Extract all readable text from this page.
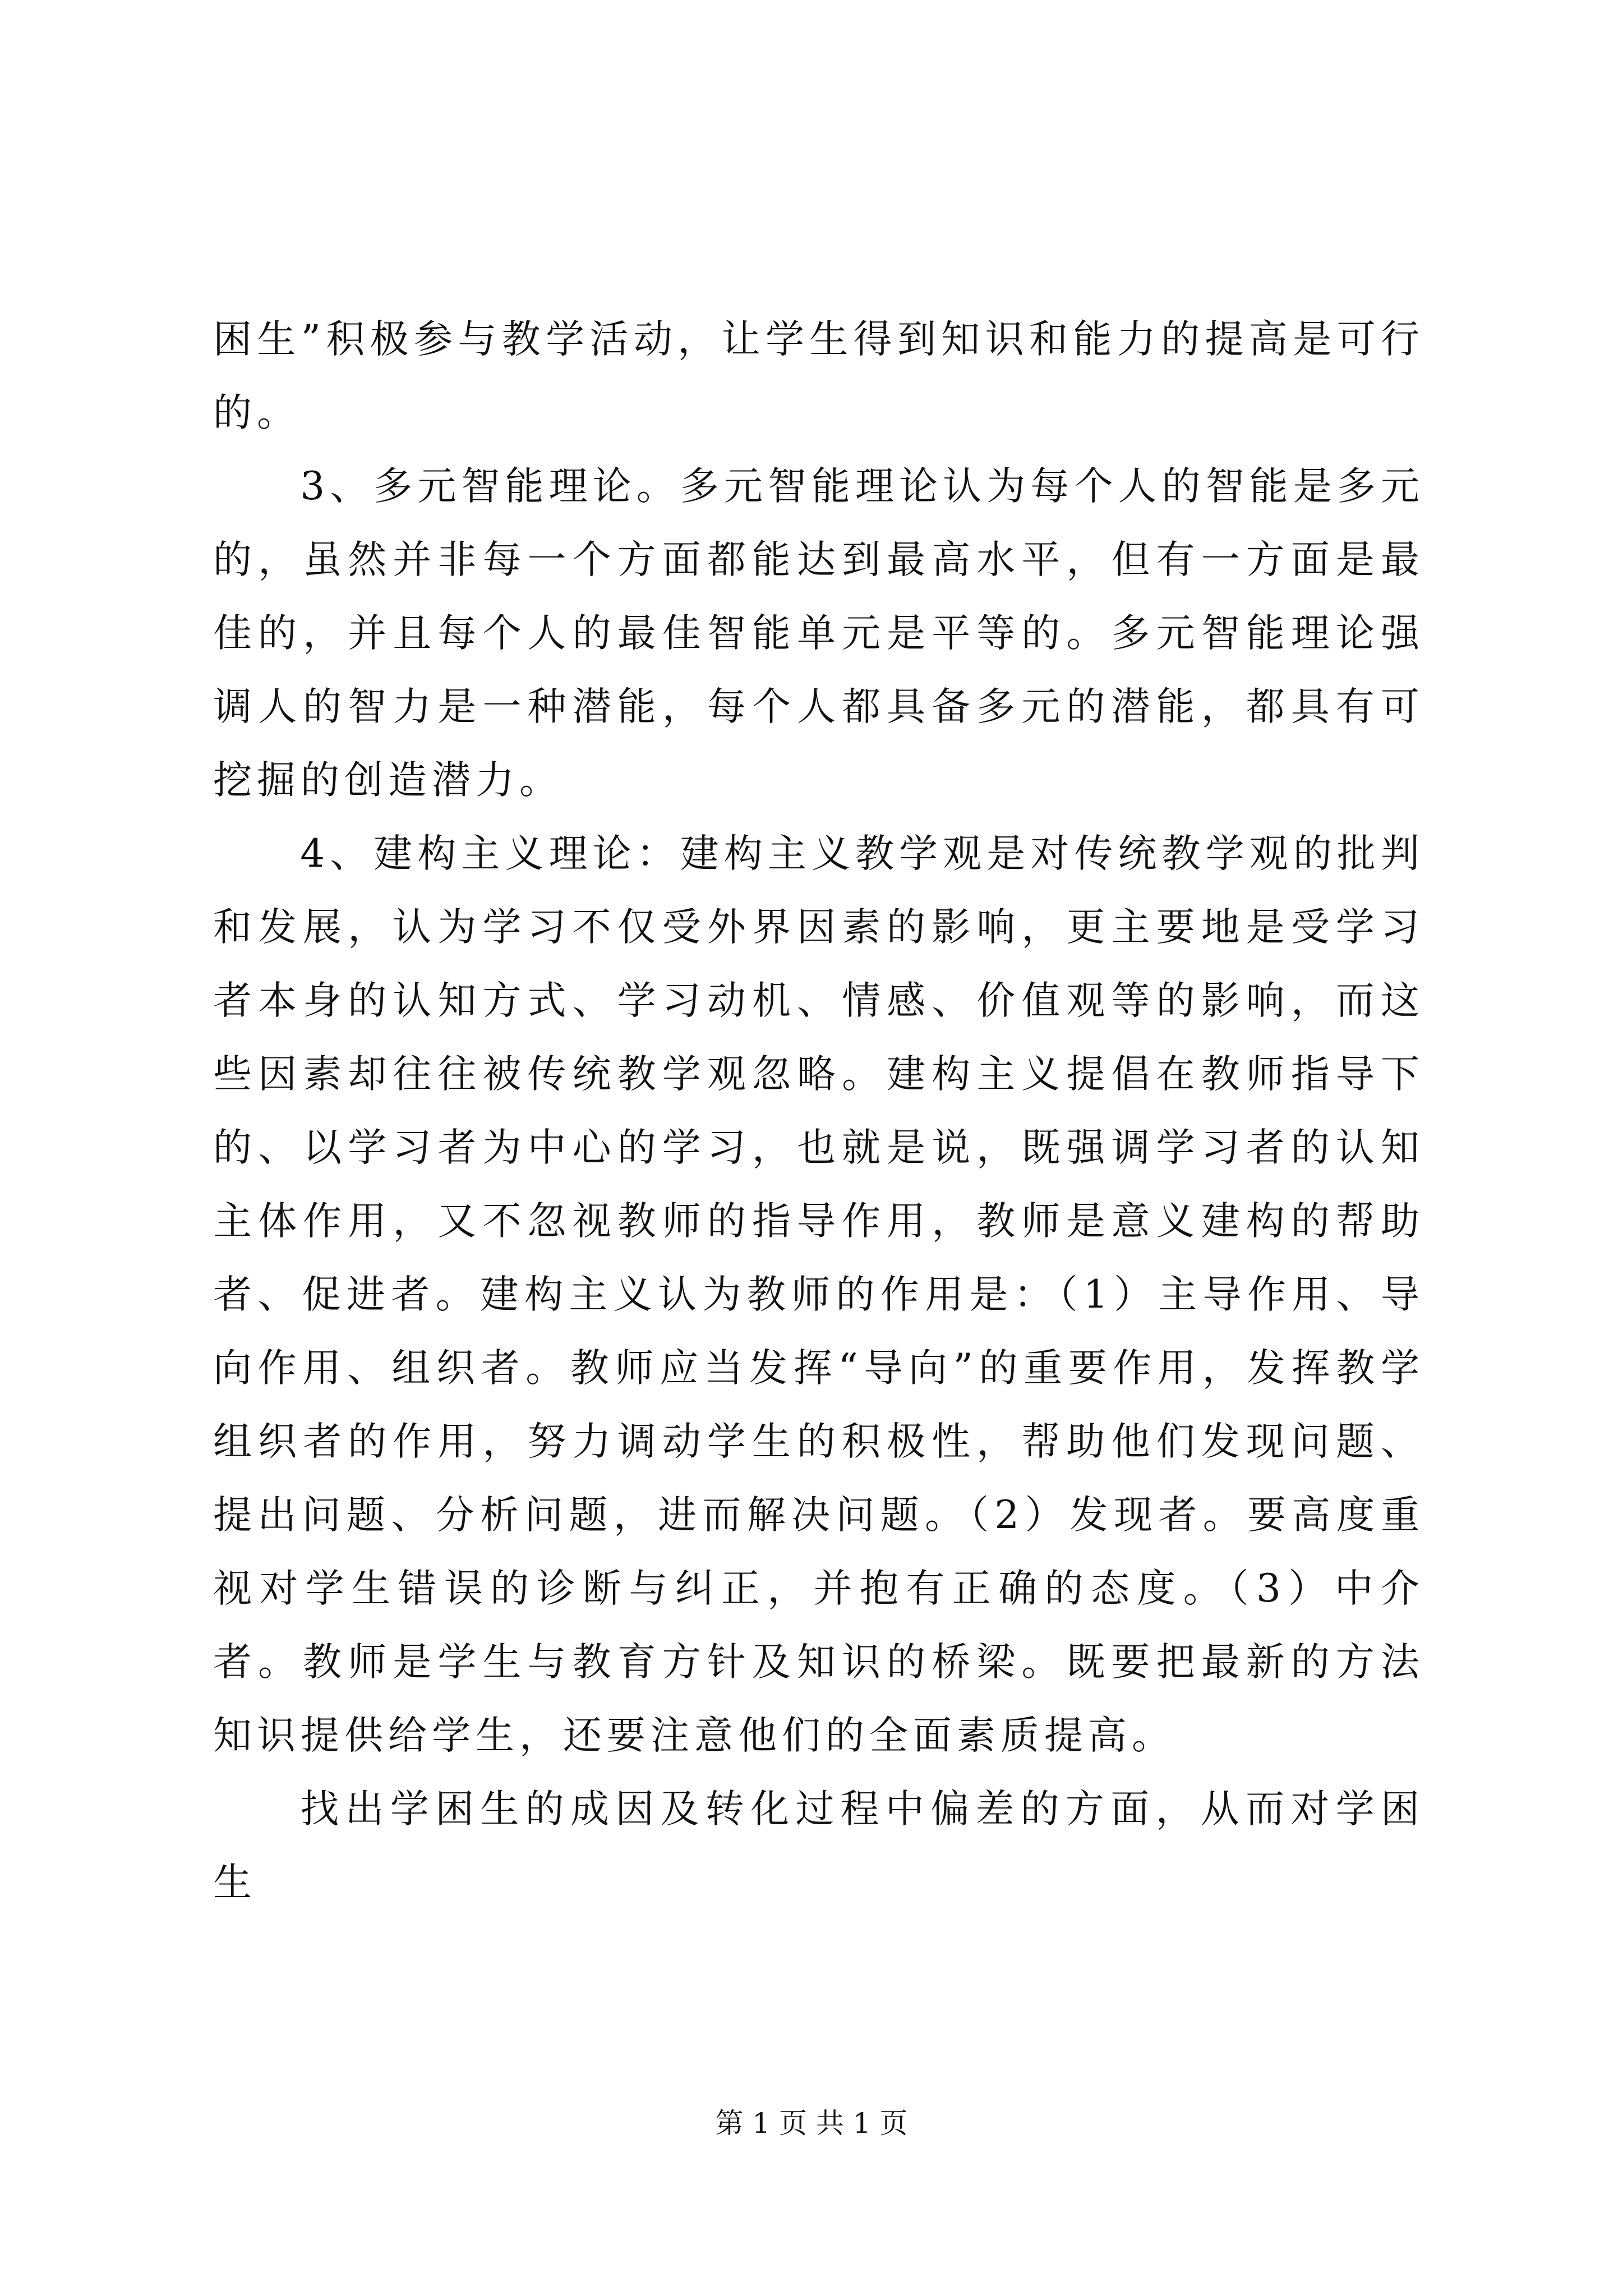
困生”积极参与教学活动，让学生得到知识和能力的提高是可行的。

3、多元智能理论。多元智能理论认为每个人的智能是多元的，虽然并非每一个方面都能达到最高水平，但有一方面是最佳的，并且每个人的最佳智能单元是平等的。多元智能理论强调人的智力是一种潜能，每个人都具备多元的潜能，都具有可挖掘的创造潜力。

4、建构主义理论：建构主义教学观是对传统教学观的批判和发展，认为学习不仅受外界因素的影响，更主要地是受学习者本身的认知方式、学习动机、情感、价值观等的影响，而这些因素却往往被传统教学观忽略。建构主义提倡在教师指导下的、以学习者为中心的学习，也就是说，既强调学习者的认知主体作用，又不忽视教师的指导作用，教师是意义建构的帮助者、促进者。建构主义认为教师的作用是：（1）主导作用、导向作用、组织者。教师应当发挥“导向”的重要作用，发挥教学组织者的作用，努力调动学生的积极性，帮助他们发现问题、提出问题、分析问题，进而解决问题。（2）发现者。要高度重视对学生错误的诊断与纠正，并抱有正确的态度。（3）中介者。教师是学生与教育方针及知识的桥梁。既要把最新的方法知识提供给学生，还要注意他们的全面素质提高。

找出学困生的成因及转化过程中偏差的方面，从而对学困生

第 1 页 共 1 页
